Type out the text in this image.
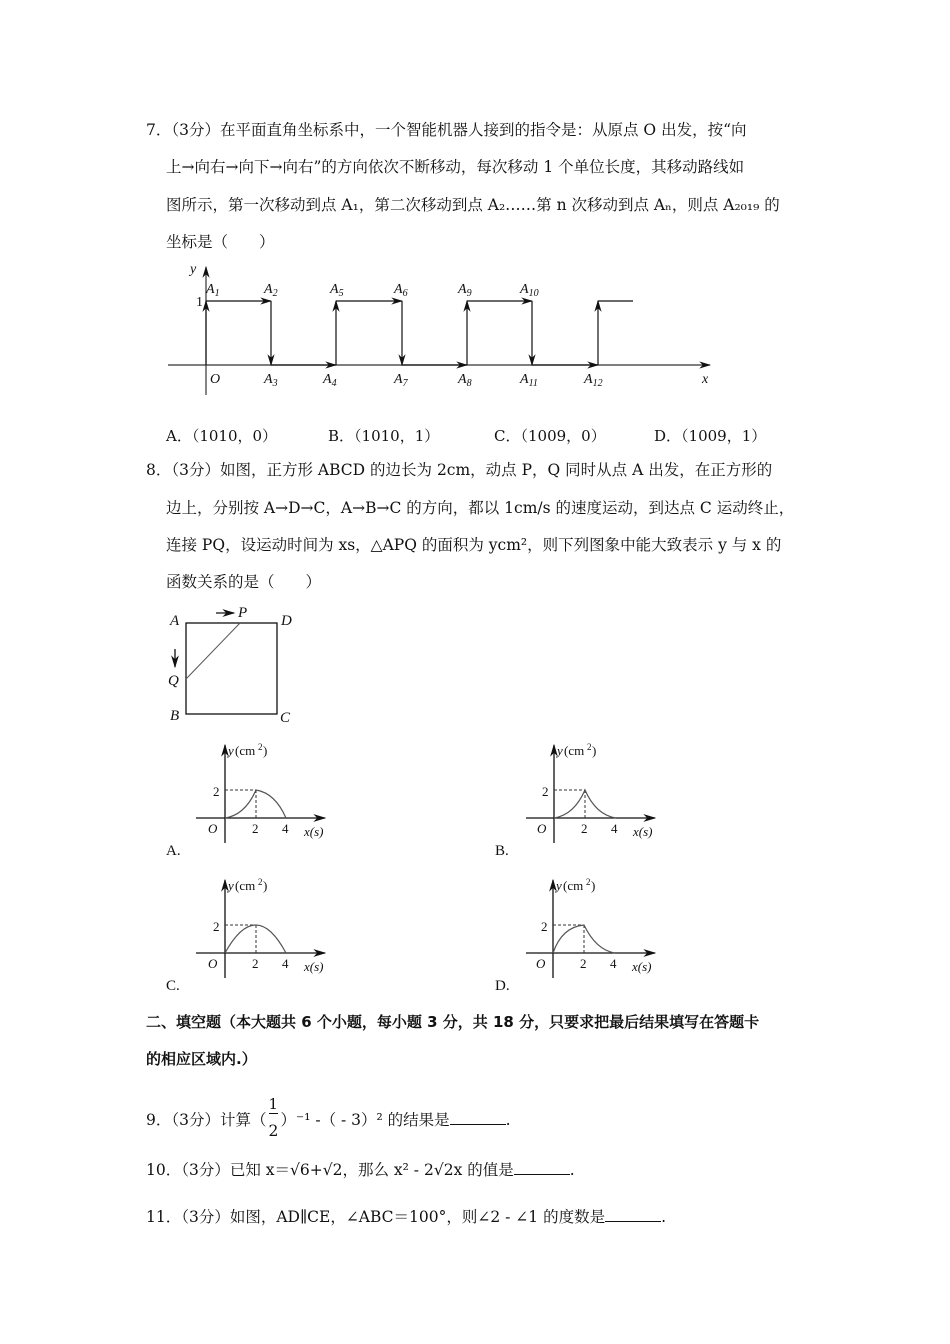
7．（3分）在平面直角坐标系中，一个智能机器人接到的指令是：从原点 O 出发，按“向
上→向右→向下→向右”的方向依次不断移动，每次移动 1 个单位长度，其移动路线如
图所示，第一次移动到点 A₁，第二次移动到点 A₂……第 n 次移动到点 Aₙ，则点 A₂₀₁₉ 的
坐标是（　　）
y
x
O
1
$A_1$	$A_2$	$A_5$	$A_6$	$A_9$	$A_{10}$
$A_3$	$A_4$	$A_7$	$A_8$	$A_{11}$	$A_{12}$
A．（1010，0）	B．（1010，1）	C．（1009，0）	D．（1009，1）
8．（3分）如图，正方形 ABCD 的边长为 2cm，动点 P，Q 同时从点 A 出发，在正方形的
边上，分别按 A→D→C，A→B→C 的方向，都以 1cm/s 的速度运动，到达点 C 运动终止，
连接 PQ，设运动时间为 xs，△APQ 的面积为 ycm²，则下列图象中能大致表示 y 与 x 的
函数关系的是（　　）
A	P D
Q
B	C
y (cm 2 )
2
O	2 4 x(s)
A.
y (cm 2 )
2
O	2 4 x(s)
B.
y (cm 2 )
2
O	2 4 x(s)
C.
y (cm 2 )
2
O	2 4 x(s)
D.
二、填空题（本大题共 6 个小题，每小题 3 分，共 18 分，只要求把最后结果填写在答题卡
的相应区域内.）
9．（3分）计算（
$\frac{1}{2}$
）⁻¹ -（ - 3）² 的结果是	.
10．（3分）已知 x＝√6+√2，那么 x² - 2√2x 的值是	.
11．（3分）如图，AD∥CE，∠ABC＝100°，则∠2 - ∠1 的度数是	.
